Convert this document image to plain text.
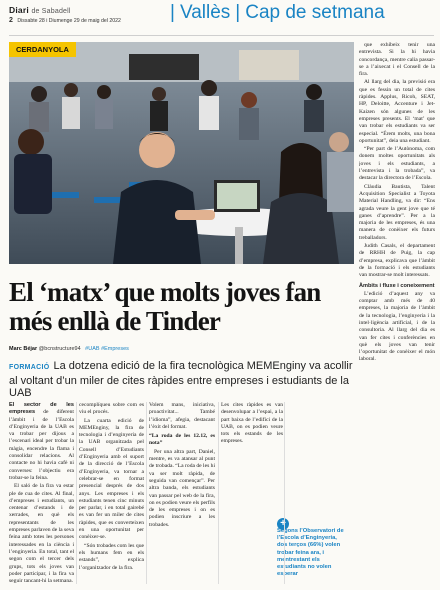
Diari de Sabadell
2 Dissabte 28 i Diumenge 29 de maig del 2022	| Vallès | Cap de setmana
CERDANYOLA	que exhibeix tenir una entrevista. Si la hi havia concordança, mentre calia passar-se a l’aixecat i el Consell de la fira.

Al llarg del dia, la previsió era que es fessin un total de cites ràpides. Applus, Ricoh, SEAT, HP, Deloitte, Accenture i Jet-Kaizen són algunes de les empreses presents. El ‘mat’ que van trobar els estudiants va ser especial. “Érem molts, una bona oportunitat”, deia una estudiant.

“Per part de l’Autònoma, com donem moltes oportunitats als joves i els estudiants, a l’entrevista i la trobada”, va destacar la directora de l’Escola.

Clàudia Bautista, Talent Acquisition Specialist a Toyota Material Handling, va dir: “Ens agrada veure la gent jove que té ganes d’aprendre”. Per a la majoria de les empreses, és una manera de conèixer els futurs treballadors.

Judith Casals, el departament de RRHH de Puig, la cap d’empresa, explicava que l’àmbit de la formació i els estudiants van mostrar-se molt interessats.

Àmbits i fluxe i coneixement

L’edició d’aquest any va comptar amb més de 40 empreses, la majoria de l’àmbit de la tecnologia, l’enginyeria i la intel·ligència artificial, i de la consultoria. Al llarg del dia es van fer cites i conferències en què els joves van tenir l’oportunitat de conèixer el món laboral.

El ‘matx’ que molts joves fan més enllà de Tinder
Marc Béjar @bcnstructure94 #UAB #Empreses
FORMACIÓ La dotzena edició de la fira tecnològica MEMEnginy va acollir al voltant d’un miler de cites ràpides entre empreses i estudiants de la UAB

El sector de les empreses de diferent l’àmbit i de l’Escola d’Enginyeria de la UAB es va trobar per dijous a l’escenari ideal per trobar la màgia, encendre la flama i consolidar relacions. Al contacte no hi havia cafè ni converses: l’objectiu era trobar-se la feina.

El saló de la fira va estar ple de cua de cites. Al final, d’empreses i estudiants, un centenar d’estands i de xerrades, en què els representants de les empreses parlaven de la seva feina amb totes les persones interessades en la ciència i l’enginyeria. En total, tant el segon com el tercer dels grups, tots els joves van poder participar, i la fira va seguir tancant-hi la setmana.

cecomplíqueu sobre com es viu el procés.

La cuarta edició de MEMEnginy, la fira de tecnologia i d’enginyeria de la UAB organitzada pel Consell d’Estudiants d’Enginyeria amb el suport de la direcció de l’Escola d’Enginyeria, va tornar a celebrar-se en format presencial després de dos anys. Les empreses i els estudiants tenen cinc minuts per parlar, i en total gairebé es van fer un miler de cites ràpides, que es converteixen en una oportunitat per conèixer-se.

“Són trobades com les que els humans fem en els estands”, explica l’organitzador de la fira.

Volem mans, iniciativa, proactivitat... També l’idioma”, afegia, destacant l’èxit del format.

“La roda de les 12.12, es nota”

Per una altra part, Daniel, mentre, es va atansar al punt de trobada. “La roda de les hi va ser molt ràpida, de seguida van començar”. Per altra banda, els estudiants van passar pel web de la fira, on es podien veure els perfils de les empreses i on es podien inscriure a les trobades.

Les cites ràpides es van desenvolupar a l’espai, a la part baixa de l’edifici de la UAB, on es podien veure tots els estands de les empreses.

+
Segons l’Observatori de l’Escola d’Enginyeria, dos terços (66%) volen trobar feina ara, i mentrestant els estudiants no volen esperar
